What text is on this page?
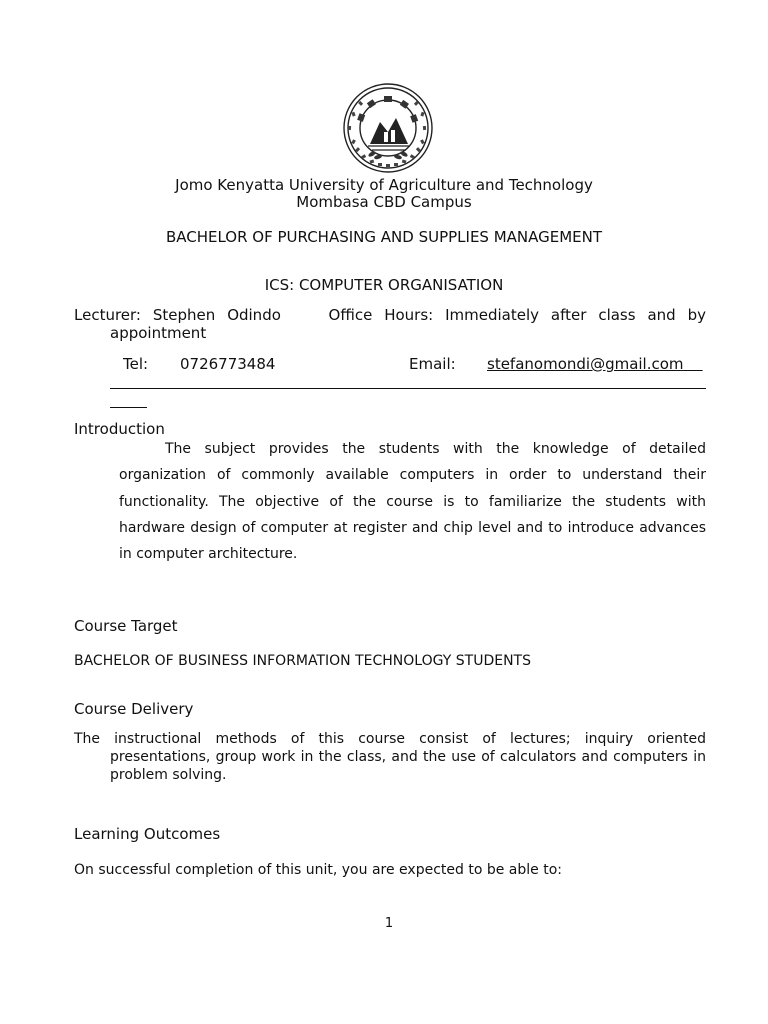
Jomo Kenyatta University of Agriculture and Technology
Mombasa CBD Campus
BACHELOR OF PURCHASING AND SUPPLIES MANAGEMENT
ICS: COMPUTER ORGANISATION
Lecturer: Stephen Odindo    Office Hours: Immediately after class and by appointment
Tel: 0726773484	Email: stefanomondi@gmail.com
Introduction
The subject provides the students with the knowledge of detailed organization of commonly available computers in order to understand their functionality. The objective of the course is to familiarize the students with hardware design of computer at register and chip level and to introduce advances in computer architecture.
Course Target
BACHELOR OF BUSINESS INFORMATION TECHNOLOGY STUDENTS
Course Delivery
The instructional methods of this course consist of lectures; inquiry oriented presentations, group work in the class, and the use of calculators and computers in problem solving.
Learning Outcomes
On successful completion of this unit, you are expected to be able to:
1
